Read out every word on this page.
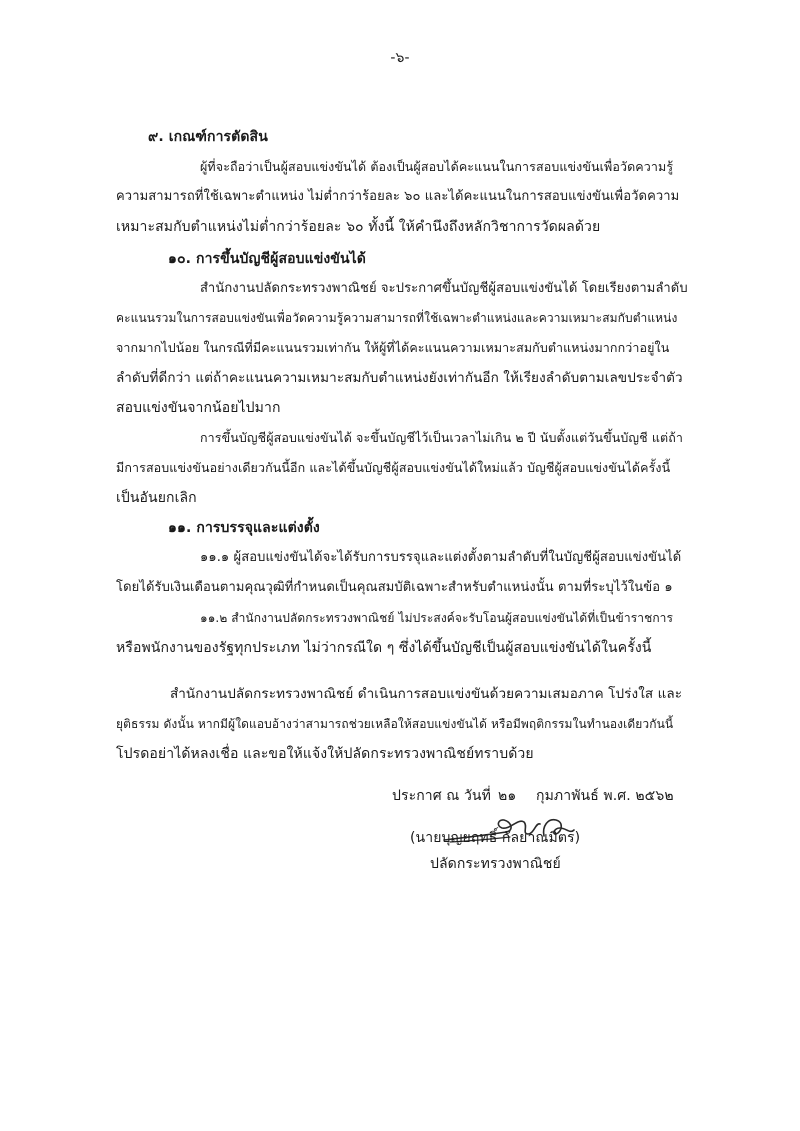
-๖-
๙. เกณฑ์การตัดสิน
ผู้ที่จะถือว่าเป็นผู้สอบแข่งขันได้ ต้องเป็นผู้สอบได้คะแนนในการสอบแข่งขันเพื่อวัดความรู้
ความสามารถที่ใช้เฉพาะตำแหน่ง ไม่ต่ำกว่าร้อยละ ๖๐ และได้คะแนนในการสอบแข่งขันเพื่อวัดความ
เหมาะสมกับตำแหน่งไม่ต่ำกว่าร้อยละ ๖๐ ทั้งนี้ ให้คำนึงถึงหลักวิชาการวัดผลด้วย
๑๐. การขึ้นบัญชีผู้สอบแข่งขันได้
สำนักงานปลัดกระทรวงพาณิชย์ จะประกาศขึ้นบัญชีผู้สอบแข่งขันได้ โดยเรียงตามลำดับ
คะแนนรวมในการสอบแข่งขันเพื่อวัดความรู้ความสามารถที่ใช้เฉพาะตำแหน่งและความเหมาะสมกับตำแหน่ง
จากมากไปน้อย ในกรณีที่มีคะแนนรวมเท่ากัน ให้ผู้ที่ได้คะแนนความเหมาะสมกับตำแหน่งมากกว่าอยู่ใน
ลำดับที่ดีกว่า แต่ถ้าคะแนนความเหมาะสมกับตำแหน่งยังเท่ากันอีก ให้เรียงลำดับตามเลขประจำตัว
สอบแข่งขันจากน้อยไปมาก
การขึ้นบัญชีผู้สอบแข่งขันได้ จะขึ้นบัญชีไว้เป็นเวลาไม่เกิน ๒ ปี นับตั้งแต่วันขึ้นบัญชี แต่ถ้า
มีการสอบแข่งขันอย่างเดียวกันนี้อีก และได้ขึ้นบัญชีผู้สอบแข่งขันได้ใหม่แล้ว บัญชีผู้สอบแข่งขันได้ครั้งนี้
เป็นอันยกเลิก
๑๑. การบรรจุและแต่งตั้ง
๑๑.๑ ผู้สอบแข่งขันได้จะได้รับการบรรจุและแต่งตั้งตามลำดับที่ในบัญชีผู้สอบแข่งขันได้
โดยได้รับเงินเดือนตามคุณวุฒิที่กำหนดเป็นคุณสมบัติเฉพาะสำหรับตำแหน่งนั้น ตามที่ระบุไว้ในข้อ ๑
๑๑.๒ สำนักงานปลัดกระทรวงพาณิชย์ ไม่ประสงค์จะรับโอนผู้สอบแข่งขันได้ที่เป็นข้าราชการ
หรือพนักงานของรัฐทุกประเภท ไม่ว่ากรณีใด ๆ ซึ่งได้ขึ้นบัญชีเป็นผู้สอบแข่งขันได้ในครั้งนี้
สำนักงานปลัดกระทรวงพาณิชย์ ดำเนินการสอบแข่งขันด้วยความเสมอภาค โปร่งใส และ
ยุติธรรม ดังนั้น หากมีผู้ใดแอบอ้างว่าสามารถช่วยเหลือให้สอบแข่งขันได้ หรือมีพฤติกรรมในทำนองเดียวกันนี้
โปรดอย่าได้หลงเชื่อ และขอให้แจ้งให้ปลัดกระทรวงพาณิชย์ทราบด้วย
ประกาศ ณ วันที่ ๒๑ กุมภาพันธ์ พ.ศ. ๒๕๖๒
(นายบุญยฤทธิ์ กัลยาณมิตร)
ปลัดกระทรวงพาณิชย์
